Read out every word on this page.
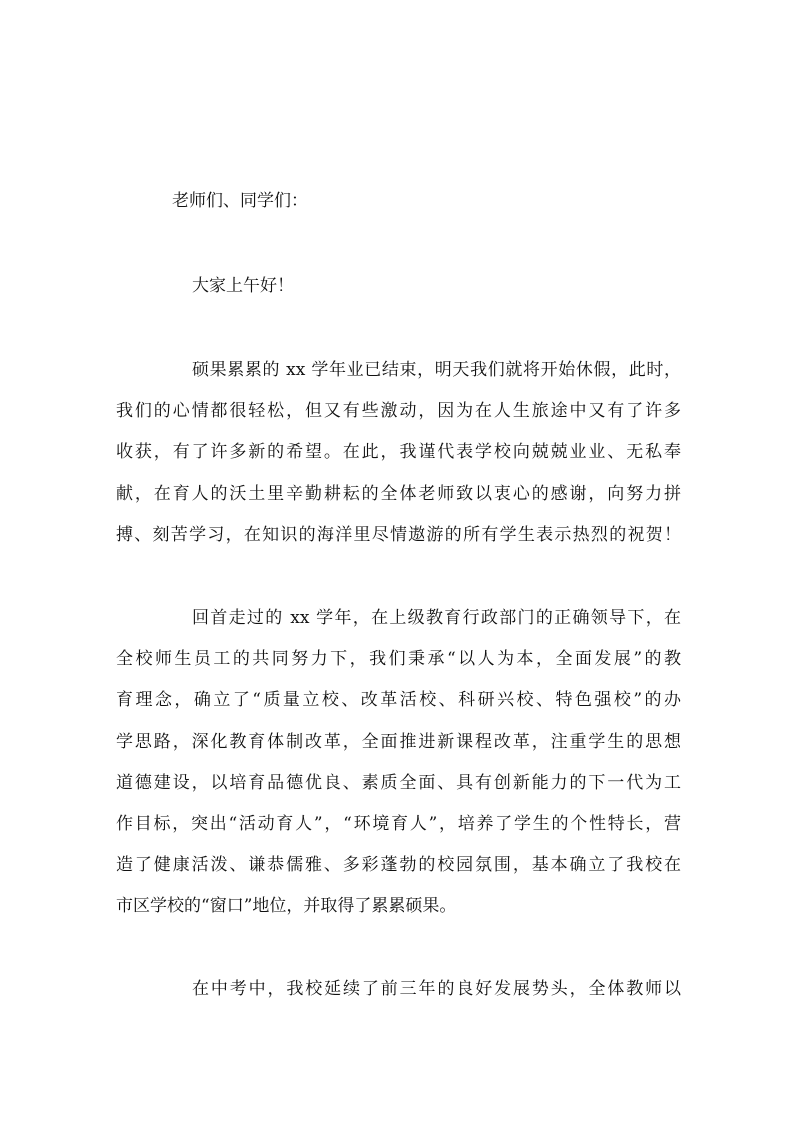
老师们、同学们：
大家上午好！
硕果累累的 xx 学年业已结束，明天我们就将开始休假，此时，
我们的心情都很轻松，但又有些激动，因为在人生旅途中又有了许多
收获，有了许多新的希望。在此，我谨代表学校向兢兢业业、无私奉
献，在育人的沃土里辛勤耕耘的全体老师致以衷心的感谢，向努力拼
搏、刻苦学习，在知识的海洋里尽情遨游的所有学生表示热烈的祝贺！
回首走过的 xx 学年，在上级教育行政部门的正确领导下，在
全校师生员工的共同努力下，我们秉承“以人为本，全面发展”的教
育理念，确立了“质量立校、改革活校、科研兴校、特色强校”的办
学思路，深化教育体制改革，全面推进新课程改革，注重学生的思想
道德建设，以培育品德优良、素质全面、具有创新能力的下一代为工
作目标，突出“活动育人”，“环境育人”，培养了学生的个性特长，营
造了健康活泼、谦恭儒雅、多彩蓬勃的校园氛围，基本确立了我校在
市区学校的“窗口”地位，并取得了累累硕果。
在中考中，我校延续了前三年的良好发展势头，全体教师以
